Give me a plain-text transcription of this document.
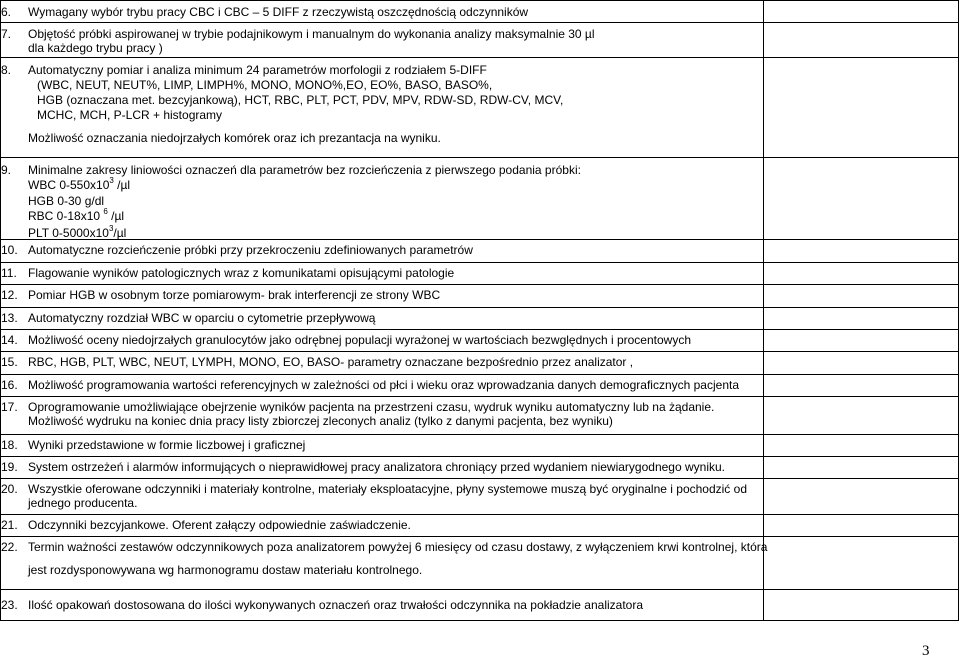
6. Wymagany wybór trybu pracy CBC i CBC – 5 DIFF z rzeczywistą oszczędnością odczynników	

7. Objętość próbki aspirowanej w trybie podajnikowym i manualnym do wykonania analizy maksymalnie 30 µl
dla każdego trybu pracy )	

8. Automatyczny pomiar i analiza minimum 24 parametrów morfologii z rodziałem 5-DIFF
(WBC, NEUT, NEUT%, LIMP, LIMPH%, MONO, MONO%,EO, EO%, BASO, BASO%,
HGB (oznaczana met. bezcyjankową), HCT, RBC, PLT, PCT, PDV, MPV, RDW-SD, RDW-CV, MCV,
MCHC, MCH, P-LCR + histogramy
Możliwość oznaczania niedojrzałych komórek oraz ich prezantacja na wyniku.	

9. Minimalne zakresy liniowości oznaczeń dla parametrów bez rozcieńczenia z pierwszego podania próbki:
WBC $0-550x10^3$ /µl
HGB 0-30 g/dl
RBC 0-18x10 $^6$ /µl
PLT $0-5000x10^3/\mu l$	

10. Automatyczne rozcieńczenie próbki przy przekroczeniu zdefiniowanych parametrów	

11. Flagowanie wyników patologicznych wraz z komunikatami opisującymi patologie	

12. Pomiar HGB w osobnym torze pomiarowym- brak interferencji ze strony WBC	

13. Automatyczny rozdział WBC w oparciu o cytometrie przepływową	

14. Możliwość oceny niedojrzałych granulocytów jako odrębnej populacji wyrażonej w wartościach bezwględnych i procentowych	

15. RBC, HGB, PLT, WBC, NEUT, LYMPH, MONO, EO, BASO- parametry oznaczane bezpośrednio przez analizator ,	

16. Możliwość programowania wartości referencyjnych w zależności od płci i wieku oraz wprowadzania danych demograficznych pacjenta	

17. Oprogramowanie umożliwiające obejrzenie wyników pacjenta na przestrzeni czasu, wydruk wyniku automatyczny lub na żądanie.
Możliwość wydruku na koniec dnia pracy listy zbiorczej zleconych analiz (tylko z danymi pacjenta, bez wyniku)	

18. Wyniki przedstawione w formie liczbowej i graficznej	

19. System ostrzeżeń i alarmów informujących o nieprawidłowej pracy analizatora chroniący przed wydaniem niewiarygodnego wyniku.	

20. Wszystkie oferowane odczynniki i materiały kontrolne, materiały eksploatacyjne, płyny systemowe muszą być oryginalne i pochodzić od
jednego producenta.	

21. Odczynniki bezcyjankowe. Oferent załączy odpowiednie zaświadczenie.	

22. Termin ważności zestawów odczynnikowych poza analizatorem powyżej 6 miesięcy od czasu dostawy, z wyłączeniem krwi kontrolnej, która
jest rozdysponowywana wg harmonogramu dostaw materiału kontrolnego.	

23. Ilość opakowań dostosowana do ilości wykonywanych oznaczeń oraz trwałości odczynnika na pokładzie analizatora	

3
